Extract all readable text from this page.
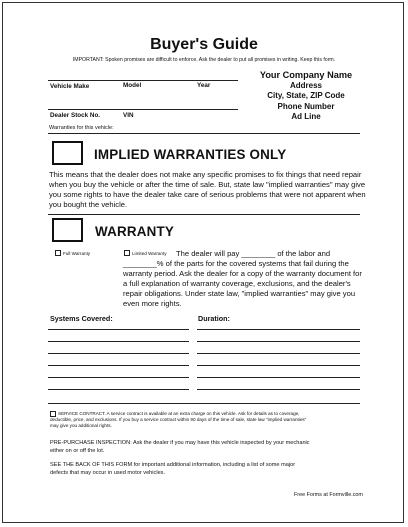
Buyer's Guide
IMPORTANT: Spoken promises are difficult to enforce. Ask the dealer to put all promises in writing. Keep this form.
Vehicle Make	Model	Year
Dealer Stock No.	VIN
Your Company Name
Address
City, State, ZIP Code
Phone Number
Ad Line
Warranties for this vehicle:
IMPLIED WARRANTIES ONLY
This means that the dealer does not make any specific promises to fix things that need repair
when you buy the vehicle or after the time of sale. But, state law "implied warranties" may give
you some rights to have the dealer take care of serious problems that were not apparent when
you bought the vehicle.
WARRANTY
Full Warranty	Limited Warranty The dealer will pay ________ of the labor and
________% of the parts for the covered systems that fail during the
warranty period. Ask the dealer for a copy of the warranty document for
a full explanation of warranty coverage, exclusions, and the dealer's
repair obligations. Under state law, "implied warranties" may give you
even more rights.
Systems Covered:	Duration:
SERVICE CONTRACT. A service contract is available at an extra charge on this vehicle. Ask for details as to coverage,
deductible, price, and exclusions. If you buy a service contract within 90 days of the time of sale, state law "implied warranties"
may give you additional rights.
PRE-PURCHASE INSPECTION: Ask the dealer if you may have this vehicle inspected by your mechanic
either on or off the lot.
SEE THE BACK OF THIS FORM for important additional information, including a list of some major
defects that may occur in used motor vehicles.
Free Forms at Formville.com
